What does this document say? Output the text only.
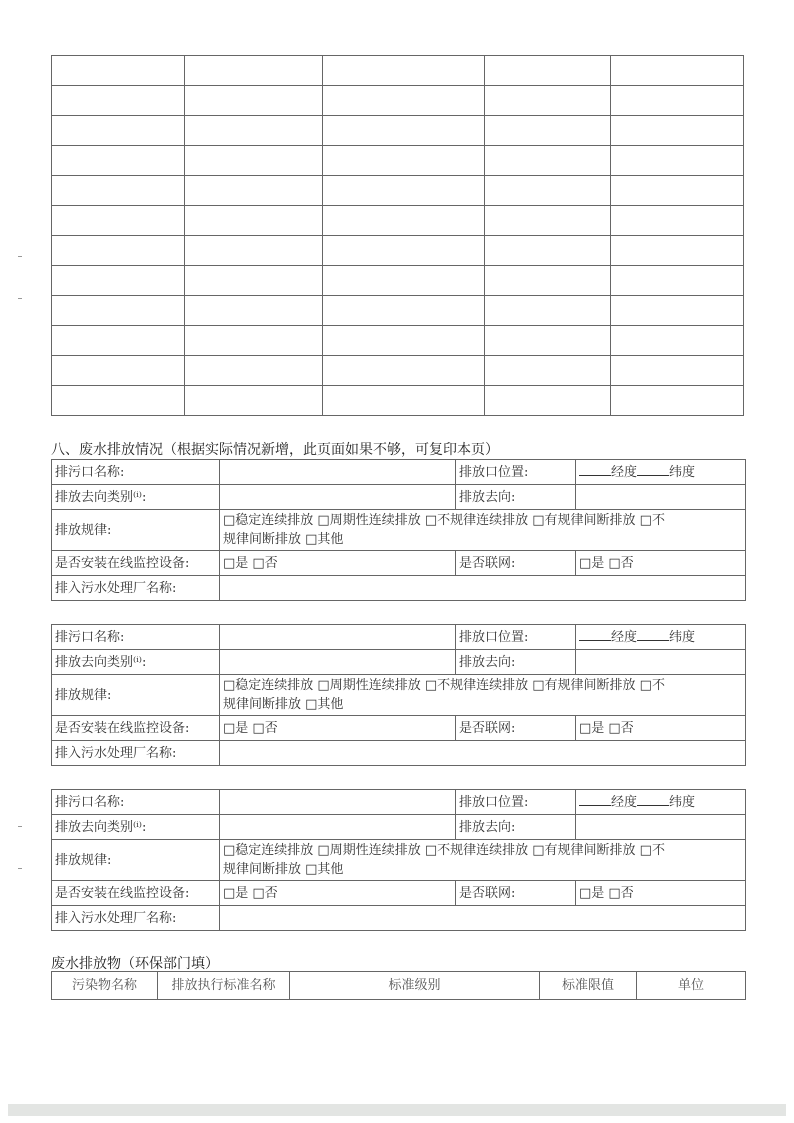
八、废水排放情况（根据实际情况新增，此页面如果不够，可复印本页）
排污口名称:		排放口位置:	经度 纬度
排放去向类别⁽ⁱ⁾:		排放去向:	
排放规律:	□稳定连续排放 □周期性连续排放 □不规律连续排放 □有规律间断排放 □不
规律间断排放 □其他		

是否安装在线监控设备:	□是 □否	是否联网:	□是 □否
排入污水处理厂名称:			
排污口名称:		排放口位置:	经度 纬度
排放去向类别⁽ⁱ⁾:		排放去向:	
排放规律:	□稳定连续排放 □周期性连续排放 □不规律连续排放 □有规律间断排放 □不
规律间断排放 □其他		

是否安装在线监控设备:	□是 □否	是否联网:	□是 □否
排入污水处理厂名称:			
排污口名称:		排放口位置:	经度 纬度
排放去向类别⁽ⁱ⁾:		排放去向:	
排放规律:	□稳定连续排放 □周期性连续排放 □不规律连续排放 □有规律间断排放 □不
规律间断排放 □其他		

是否安装在线监控设备:	□是 □否	是否联网:	□是 □否
排入污水处理厂名称:			
废水排放物（环保部门填）
污染物名称	排放执行标准名称	标准级别	标准限值	单位
